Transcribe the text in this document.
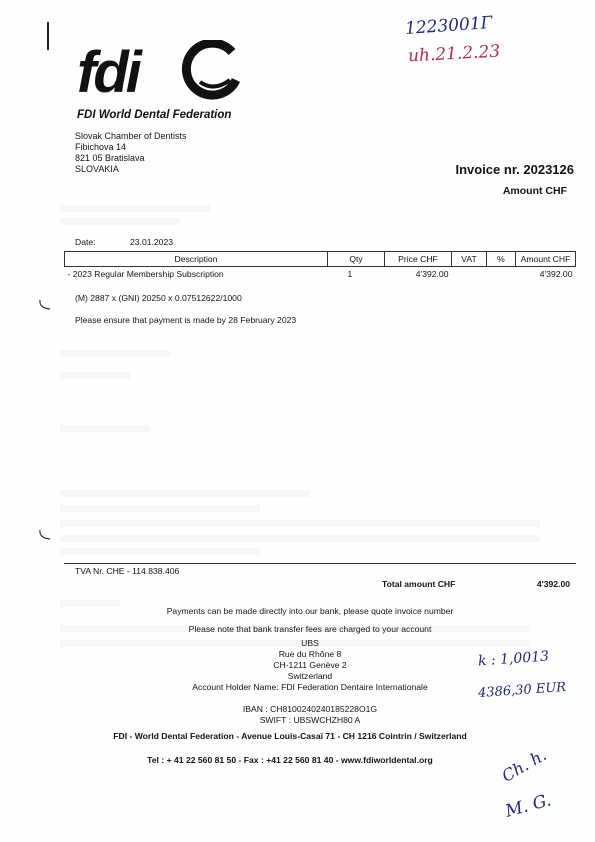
fdi
FDI World Dental Federation
Slovak Chamber of Dentists
Fibichova 14
821 05 Bratislava
SLOVAKIA	Invoice nr. 2023126
Amount CHF
Date:	23.01.2023
Description	Qty	Price CHF	VAT	%	Amount CHF
- 2023 Regular Membership Subscription	1	4'392.00			4'392.00
(M) 2887 x (GNI) 20250 x 0.07512622/1000
Please ensure that payment is made by 28 February 2023
TVA Nr. CHE - 114.838.406
Total amount CHF	4'392.00
Payments can be made directly into our bank, please quote invoice number
Please note that bank transfer fees are charged to your account
UBS
Rue du Rhône 8
CH-1211 Genève 2
Switzerland
Account Holder Name: FDI Federation Dentaire Internationale
IBAN : CH8100240240185228O1G
SWIFT : UBSWCHZH80 A
FDI - World Dental Federation - Avenue Louis-Casaï 71 - CH 1216 Cointrin / Switzerland
Tel : + 41 22 560 81 50 - Fax : +41 22 560 81 40 - www.fdiworldental.org
1223001Γ
uh.21.2.23
k : 1,0013
4386,30 EUR
Ch. h.
M. G.
